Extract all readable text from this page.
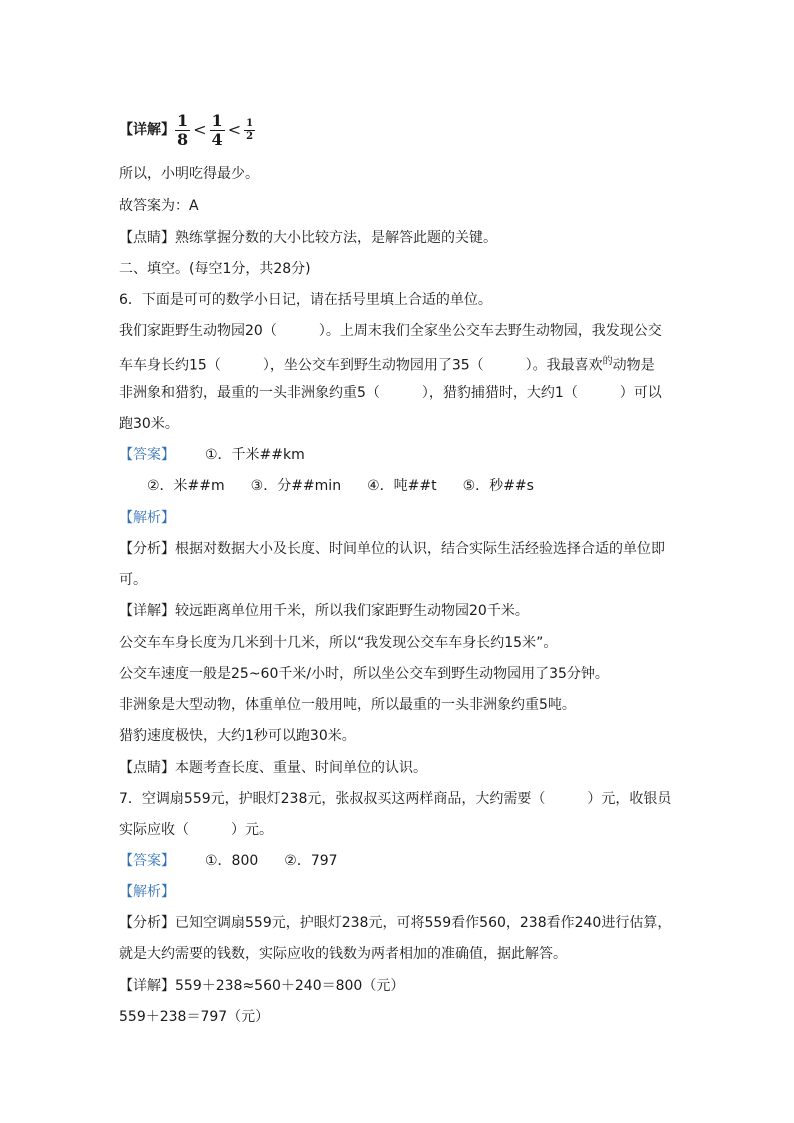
【详解】 $\frac{1}{8} < \frac{1}{4} < \frac{1}{2}$
所以，小明吃得最少。
故答案为：A
【点睛】熟练掌握分数的大小比较方法，是解答此题的关键。
二、填空。(每空1分，共28分)
6．下面是可可的数学小日记，请在括号里填上合适的单位。
我们家距野生动物园20（　　　）。上周末我们全家坐公交车去野生动物园，我发现公交
车车身长约15（　　　），坐公交车到野生动物园用了35（　　　）。我最喜欢$^的$动物是
非洲象和猎豹，最重的一头非洲象约重5（　　　），猎豹捕猎时，大约1（　　　）可以
跑30米。
【答案】 ①．千米##km
②．米##m ③．分##min ④．吨##t ⑤．秒##s
【解析】
【分析】根据对数据大小及长度、时间单位的认识，结合实际生活经验选择合适的单位即
可。
【详解】较远距离单位用千米，所以我们家距野生动物园20千米。
公交车车身长度为几米到十几米，所以“我发现公交车车身长约15米”。
公交车速度一般是25~60千米/小时，所以坐公交车到野生动物园用了35分钟。
非洲象是大型动物，体重单位一般用吨，所以最重的一头非洲象约重5吨。
猎豹速度极快，大约1秒可以跑30米。
【点睛】本题考查长度、重量、时间单位的认识。
7．空调扇559元，护眼灯238元，张叔叔买这两样商品，大约需要（　　　）元，收银员
实际应收（　　　）元。
【答案】 ①．800 ②．797
【解析】
【分析】已知空调扇559元，护眼灯238元，可将559看作560，238看作240进行估算，
就是大约需要的钱数，实际应收的钱数为两者相加的准确值，据此解答。
【详解】559＋238≈560＋240＝800（元）
559＋238＝797（元）
